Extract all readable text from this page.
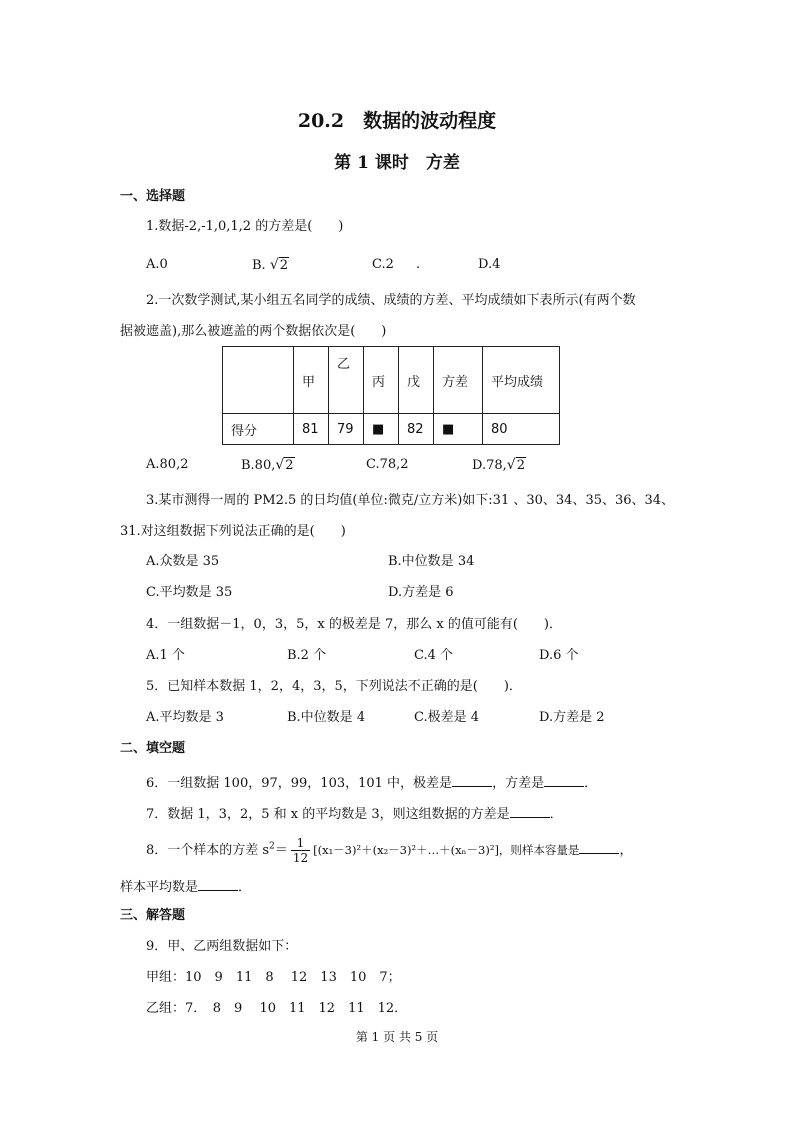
20.2　数据的波动程度
第 1 课时　方差
一、选择题
1.数据-2,-1,0,1,2 的方差是(　　)
A.0	B. √2	C.2 .	D.4
2.一次数学测试,某小组五名同学的成绩、成绩的方差、平均成绩如下表所示(有两个数
据被遮盖),那么被遮盖的两个数据依次是(　　)
	甲	乙	丙	戊	方差	平均成绩
得分	81	79	■	82	■	80
A.80,2	B.80,√2	C.78,2	D.78,√2
3.某市测得一周的 PM2.5 的日均值(单位:微克/立方米)如下:31 、30、34、35、36、34、
31.对这组数据下列说法正确的是(　　)
A.众数是 35	B.中位数是 34
C.平均数是 35	D.方差是 6
4．一组数据－1，0，3，5，x 的极差是 7，那么 x 的值可能有(　　)．
A.1 个	B.2 个	C.4 个	D.6 个
5．已知样本数据 1，2，4，3，5，下列说法不正确的是(　　)．
A.平均数是 3	B.中位数是 4	C.极差是 4	D.方差是 2
二、填空题
6．一组数据 100，97，99，103，101 中，极差是	，方差是	．
7．数据 1，3，2，5 和 x 的平均数是 3，则这组数据的方差是	．
8．一个样本的方差 $s^2= \frac{1}{12}$ [(x₁－3)²＋(x₂－3)²＋…＋(xₙ－3)²]，则样本容量是	，
样本平均数是	．
三、解答题
9．甲、乙两组数据如下：
甲组：10　9　11　8　 12　13　10　7；
乙组：7．　8　9　 10　11　12　11　12．
第 1 页 共 5 页
